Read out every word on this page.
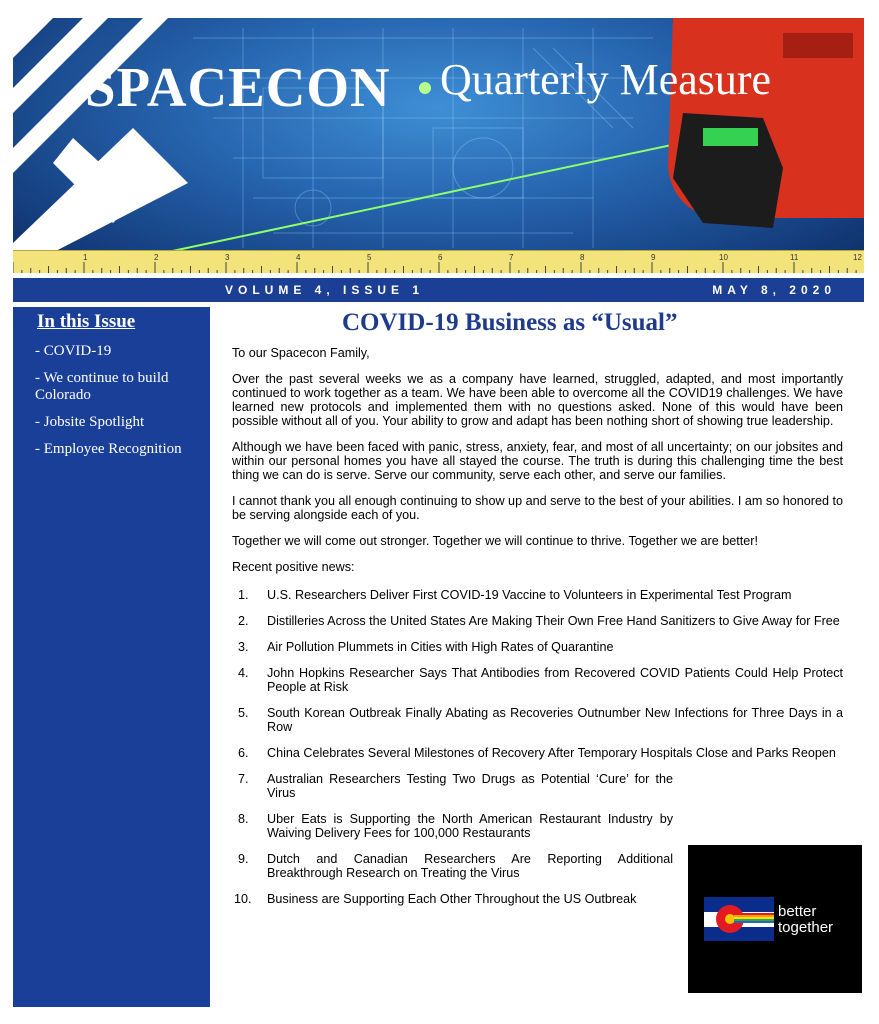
SPACECON Quarterly Measure
1	2	3	4	5	6	7	8	9	10	11	12
VOLUME 4, ISSUE 1	MAY 8, 2020
In this Issue
- COVID-19
- We continue to build Colorado
- Jobsite Spotlight
- Employee Recognition
COVID-19 Business as “Usual”

To our Spacecon Family,

Over the past several weeks we as a company have learned, struggled, adapted, and most importantly continued to work together as a team. We have been able to overcome all the COVID19 challenges. We have learned new protocols and implemented them with no questions asked. None of this would have been possible without all of you. Your ability to grow and adapt has been nothing short of showing true leadership.

Although we have been faced with panic, stress, anxiety, fear, and most of all uncertainty; on our jobsites and within our personal homes you have all stayed the course. The truth is during this challenging time the best thing we can do is serve. Serve our community, serve each other, and serve our families.

I cannot thank you all enough continuing to show up and serve to the best of your abilities. I am so honored to be serving alongside each of you.

Together we will come out stronger. Together we will continue to thrive. Together we are better!

Recent positive news:

1. U.S. Researchers Deliver First COVID-19 Vaccine to Volunteers in Experimental Test Program
2. Distilleries Across the United States Are Making Their Own Free Hand Sanitizers to Give Away for Free
3. Air Pollution Plummets in Cities with High Rates of Quarantine
4. John Hopkins Researcher Says That Antibodies from Recovered COVID Patients Could Help Protect People at Risk
5. South Korean Outbreak Finally Abating as Recoveries Outnumber New Infections for Three Days in a Row
6. China Celebrates Several Milestones of Recovery After Temporary Hospitals Close and Parks Reopen
7. Australian Researchers Testing Two Drugs as Potential ‘Cure’ for the Virus
8. Uber Eats is Supporting the North American Restaurant Industry by Waiving Delivery Fees for 100,000 Restaurants
9. Dutch and Canadian Researchers Are Reporting Additional Breakthrough Research on Treating the Virus
10. Business are Supporting Each Other Throughout the US Outbreak
better
together
